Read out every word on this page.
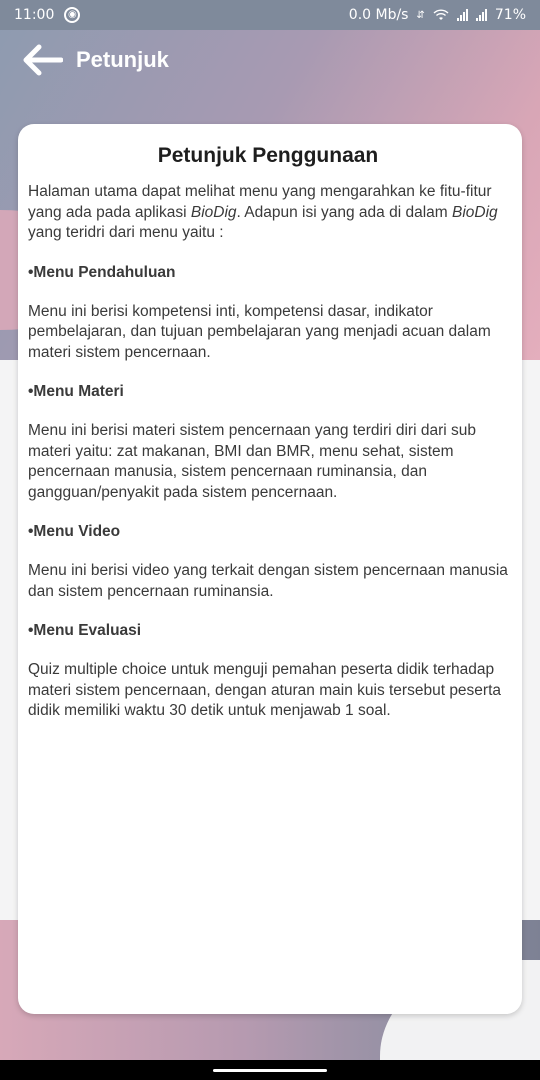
11:00	◉	0.0 Mb/s ⇵	71%
Petunjuk
Petunjuk Penggunaan

Halaman utama dapat melihat menu yang mengarahkan ke fitu-fitur yang ada pada aplikasi BioDig. Adapun isi yang ada di dalam BioDig yang teridri dari menu yaitu :

•Menu Pendahuluan

Menu ini berisi kompetensi inti, kompetensi dasar, indikator pembelajaran, dan tujuan pembelajaran yang menjadi acuan dalam materi sistem pencernaan.

•Menu Materi

Menu ini berisi materi sistem pencernaan yang terdiri diri dari sub materi yaitu: zat makanan, BMI dan BMR, menu sehat, sistem pencernaan manusia, sistem pencernaan ruminansia, dan gangguan/penyakit pada sistem pencernaan.

•Menu Video

Menu ini berisi video yang terkait dengan sistem pencernaan manusia dan sistem pencernaan ruminansia.

•Menu Evaluasi

Quiz multiple choice untuk menguji pemahan peserta didik terhadap materi sistem pencernaan, dengan aturan main kuis tersebut peserta didik memiliki waktu 30 detik untuk menjawab 1 soal.
